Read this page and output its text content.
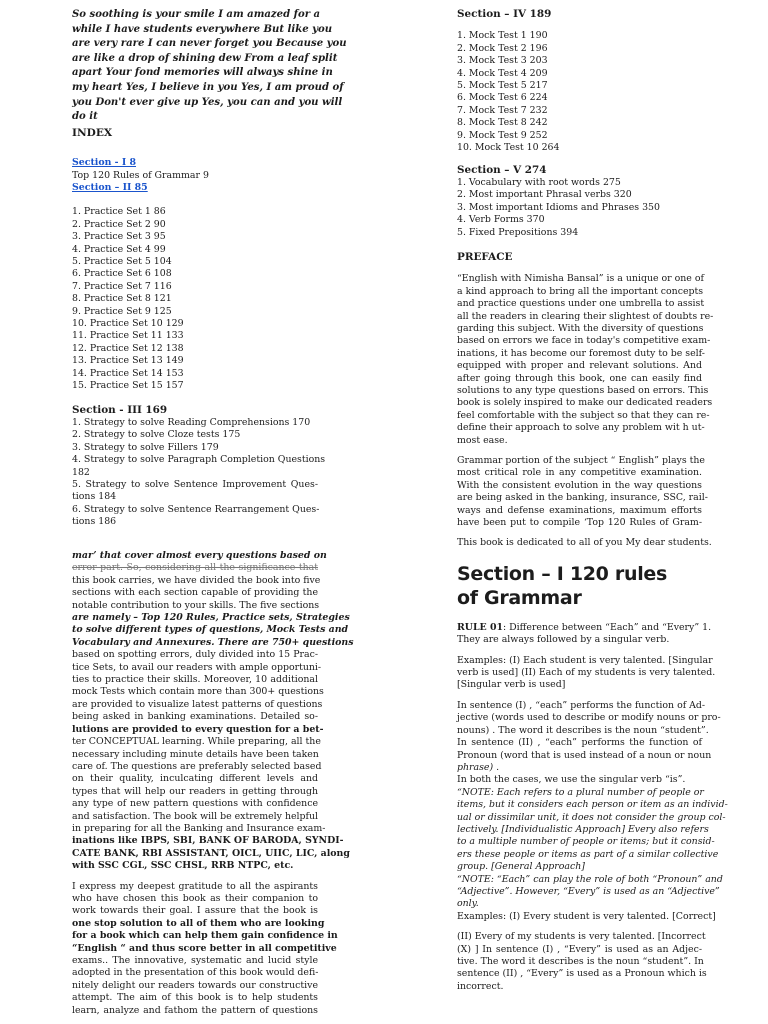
So soothing is your smile I am amazed for a
while I have students everywhere But like you
are very rare I can never forget you Because you
are like a drop of shining dew From a leaf split
apart Your fond memories will always shine in
my heart Yes, I believe in you Yes, I am proud of
you Don't ever give up Yes, you can and you will
do it
INDEX
Section - I 8
Top 120 Rules of Grammar 9
Section – II 85
1. Practice Set 1 86
2. Practice Set 2 90
3. Practice Set 3 95
4. Practice Set 4 99
5. Practice Set 5 104
6. Practice Set 6 108
7. Practice Set 7 116
8. Practice Set 8 121
9. Practice Set 9 125
10. Practice Set 10 129
11. Practice Set 11 133
12. Practice Set 12 138
13. Practice Set 13 149
14. Practice Set 14 153
15. Practice Set 15 157
Section - III 169
1. Strategy to solve Reading Comprehensions 170
2. Strategy to solve Cloze tests 175
3. Strategy to solve Fillers 179
4. Strategy to solve Paragraph Completion Questions
182
5. Strategy to solve Sentence Improvement Ques-
tions 184
6. Strategy to solve Sentence Rearrangement Ques-
tions 186
mar’ that cover almost every questions based on
error part. So, considering all the significance that
this book carries, we have divided the book into five
sections with each section capable of providing the
notable contribution to your skills. The five sections
are namely – Top 120 Rules, Practice sets, Strategies
to solve different types of questions, Mock Tests and
Vocabulary and Annexures. There are 750+ questions
based on spotting errors, duly divided into 15 Prac-
tice Sets, to avail our readers with ample opportuni-
ties to practice their skills. Moreover, 10 additional
mock Tests which contain more than 300+ questions
are provided to visualize latest patterns of questions
being asked in banking examinations. Detailed so-
lutions are provided to every question for a bet-
ter CONCEPTUAL learning. While preparing, all the
necessary including minute details have been taken
care of. The questions are preferably selected based
on their quality, inculcating different levels and
types that will help our readers in getting through
any type of new pattern questions with confidence
and satisfaction. The book will be extremely helpful
in preparing for all the Banking and Insurance exam-
inations like IBPS, SBI, BANK OF BARODA, SYNDI-
CATE BANK, RBI ASSISTANT, OICL, UIIC, LIC, along
with SSC CGL, SSC CHSL, RRB NTPC, etc.
I express my deepest gratitude to all the aspirants
who have chosen this book as their companion to
work towards their goal. I assure that the book is
one stop solution to all of them who are looking
for a book which can help them gain confidence in
“English “ and thus score better in all competitive
exams.. The innovative, systematic and lucid style
adopted in the presentation of this book would defi-
nitely delight our readers towards our constructive
attempt. The aim of this book is to help students
learn, analyze and fathom the pattern of questions
Section – IV 189
1. Mock Test 1 190
2. Mock Test 2 196
3. Mock Test 3 203
4. Mock Test 4 209
5. Mock Test 5 217
6. Mock Test 6 224
7. Mock Test 7 232
8. Mock Test 8 242
9. Mock Test 9 252
10. Mock Test 10 264
Section – V 274
1. Vocabulary with root words 275
2. Most important Phrasal verbs 320
3. Most important Idioms and Phrases 350
4. Verb Forms 370
5. Fixed Prepositions 394
PREFACE
“English with Nimisha Bansal” is a unique or one of
a kind approach to bring all the important concepts
and practice questions under one umbrella to assist
all the readers in clearing their slightest of doubts re-
garding this subject. With the diversity of questions
based on errors we face in today's competitive exam-
inations, it has become our foremost duty to be self-
equipped with proper and relevant solutions. And
after going through this book, one can easily find
solutions to any type questions based on errors. This
book is solely inspired to make our dedicated readers
feel comfortable with the subject so that they can re-
define their approach to solve any problem wit h ut-
most ease.
Grammar portion of the subject “ English” plays the
most critical role in any competitive examination.
With the consistent evolution in the way questions
are being asked in the banking, insurance, SSC, rail-
ways and defense examinations, maximum efforts
have been put to compile ‘Top 120 Rules of Gram-
This book is dedicated to all of you My dear students.
Section – I 120 rules
of Grammar
RULE 01: Difference between “Each” and “Every” 1.
They are always followed by a singular verb.
Examples: (I) Each student is very talented. [Singular
verb is used] (II) Each of my students is very talented.
[Singular verb is used]
In sentence (I) , “each” performs the function of Ad-
jective (words used to describe or modify nouns or pro-
nouns) . The word it describes is the noun “student”.
In sentence (II) , “each” performs the function of
Pronoun (word that is used instead of a noun or noun
phrase) .
In both the cases, we use the singular verb “is”.
“NOTE: Each refers to a plural number of people or
items, but it considers each person or item as an individ-
ual or dissimilar unit, it does not consider the group col-
lectively. [Individualistic Approach] Every also refers
to a multiple number of people or items; but it consid-
ers these people or items as part of a similar collective
group. [General Approach]
“NOTE: “Each” can play the role of both “Pronoun” and
“Adjective”. However, “Every” is used as an “Adjective”
only.
Examples: (I) Every student is very talented. [Correct]
(II) Every of my students is very talented. [Incorrect
(X) ] In sentence (I) , “Every” is used as an Adjec-
tive. The word it describes is the noun “student”. In
sentence (II) , “Every” is used as a Pronoun which is
incorrect.
